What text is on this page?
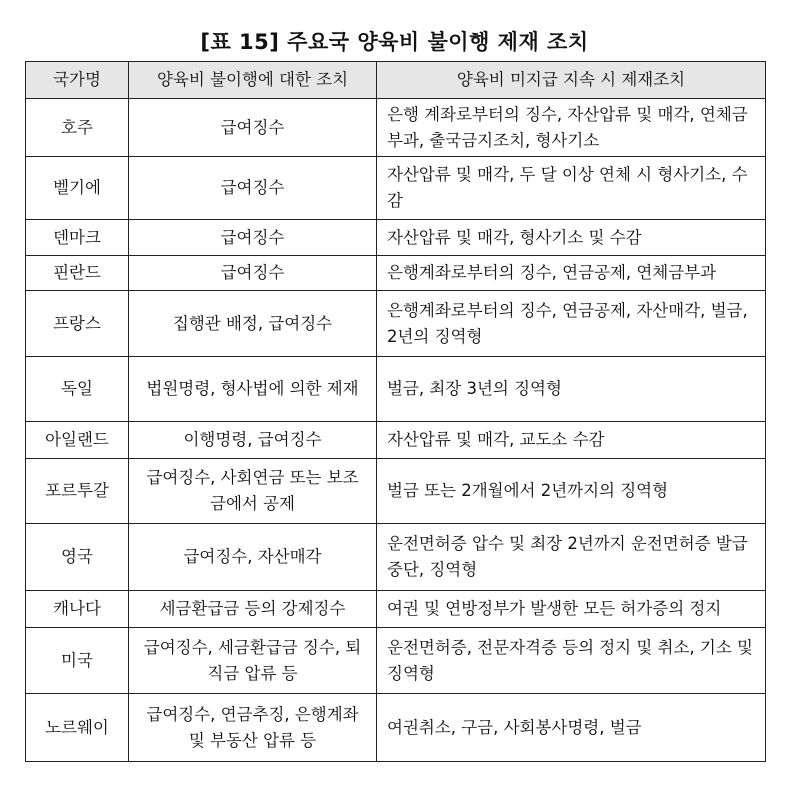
[표 15] 주요국 양육비 불이행 제재 조치
국가명	양육비 불이행에 대한 조치	양육비 미지급 지속 시 제재조치
호주	급여징수	은행 계좌로부터의 징수, 자산압류 및 매각, 연체금부과, 출국금지조치, 형사기소
벨기에	급여징수	자산압류 및 매각, 두 달 이상 연체 시 형사기소, 수감
덴마크	급여징수	자산압류 및 매각, 형사기소 및 수감
핀란드	급여징수	은행계좌로부터의 징수, 연금공제, 연체금부과
프랑스	집행관 배정, 급여징수	은행계좌로부터의 징수, 연금공제, 자산매각, 벌금, 2년의 징역형
독일	법원명령, 형사법에 의한 제재	벌금, 최장 3년의 징역형
아일랜드	이행명령, 급여징수	자산압류 및 매각, 교도소 수감
포르투갈	급여징수, 사회연금 또는 보조금에서 공제	벌금 또는 2개월에서 2년까지의 징역형
영국	급여징수, 자산매각	운전면허증 압수 및 최장 2년까지 운전면허증 발급 중단, 징역형
캐나다	세금환급금 등의 강제징수	여권 및 연방정부가 발생한 모든 허가증의 정지
미국	급여징수, 세금환급금 징수, 퇴직금 압류 등	운전면허증, 전문자격증 등의 정지 및 취소, 기소 및 징역형
노르웨이	급여징수, 연금추징, 은행계좌 및 부동산 압류 등	여권취소, 구금, 사회봉사명령, 벌금
